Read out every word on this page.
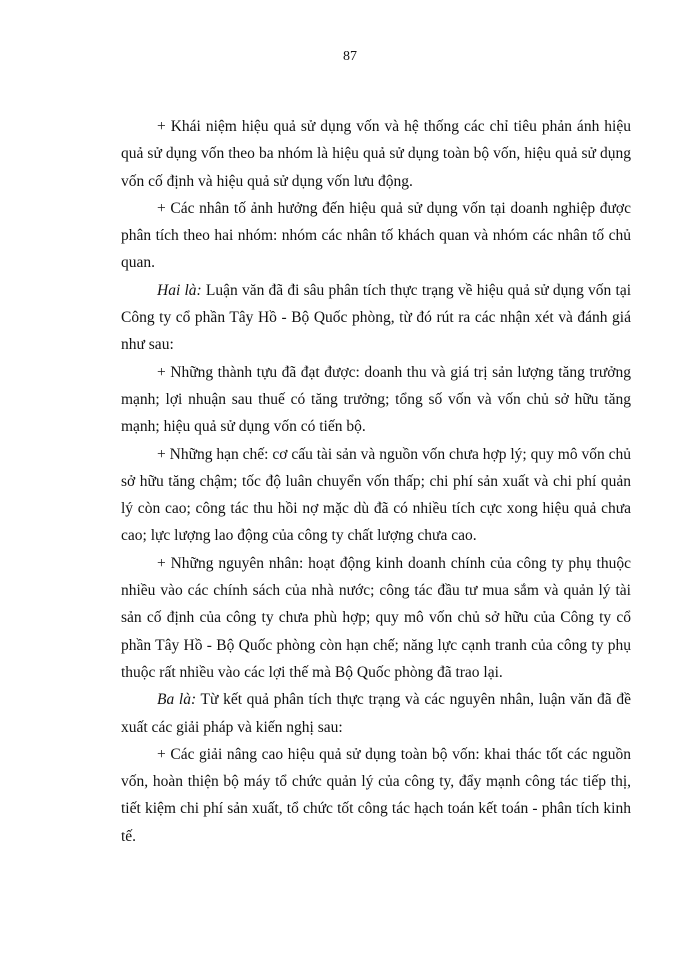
87

+ Khái niệm hiệu quả sử dụng vốn và hệ thống các chỉ tiêu phản ánh hiệu quả sử dụng vốn theo ba nhóm là hiệu quả sử dụng toàn bộ vốn, hiệu quả sử dụng vốn cố định và hiệu quả sử dụng vốn lưu động.

+ Các nhân tố ảnh hưởng đến hiệu quả sử dụng vốn tại doanh nghiệp được phân tích theo hai nhóm: nhóm các nhân tố khách quan và nhóm các nhân tố chủ quan.

Hai là: Luận văn đã đi sâu phân tích thực trạng về hiệu quả sử dụng vốn tại Công ty cổ phần Tây Hồ - Bộ Quốc phòng, từ đó rút ra các nhận xét và đánh giá như sau:

+ Những thành tựu đã đạt được: doanh thu và giá trị sản lượng tăng trưởng mạnh; lợi nhuận sau thuế có tăng trưởng; tổng số vốn và vốn chủ sở hữu tăng mạnh; hiệu quả sử dụng vốn có tiến bộ.

+ Những hạn chế: cơ cấu tài sản và nguồn vốn chưa hợp lý; quy mô vốn chủ sở hữu tăng chậm; tốc độ luân chuyển vốn thấp; chi phí sản xuất và chi phí quản lý còn cao; công tác thu hồi nợ mặc dù đã có nhiều tích cực xong hiệu quả chưa cao; lực lượng lao động của công ty chất lượng chưa cao.

+ Những nguyên nhân: hoạt động kinh doanh chính của công ty phụ thuộc nhiều vào các chính sách của nhà nước; công tác đầu tư mua sắm và quản lý tài sản cố định của công ty chưa phù hợp; quy mô vốn chủ sở hữu của Công ty cổ phần Tây Hồ - Bộ Quốc phòng còn hạn chế; năng lực cạnh tranh của công ty phụ thuộc rất nhiều vào các lợi thế mà Bộ Quốc phòng đã trao lại.

Ba là: Từ kết quả phân tích thực trạng và các nguyên nhân, luận văn đã đề xuất các giải pháp và kiến nghị sau:

+ Các giải nâng cao hiệu quả sử dụng toàn bộ vốn: khai thác tốt các nguồn vốn, hoàn thiện bộ máy tổ chức quản lý của công ty, đẩy mạnh công tác tiếp thị, tiết kiệm chi phí sản xuất, tổ chức tốt công tác hạch toán kết toán - phân tích kinh tế.
